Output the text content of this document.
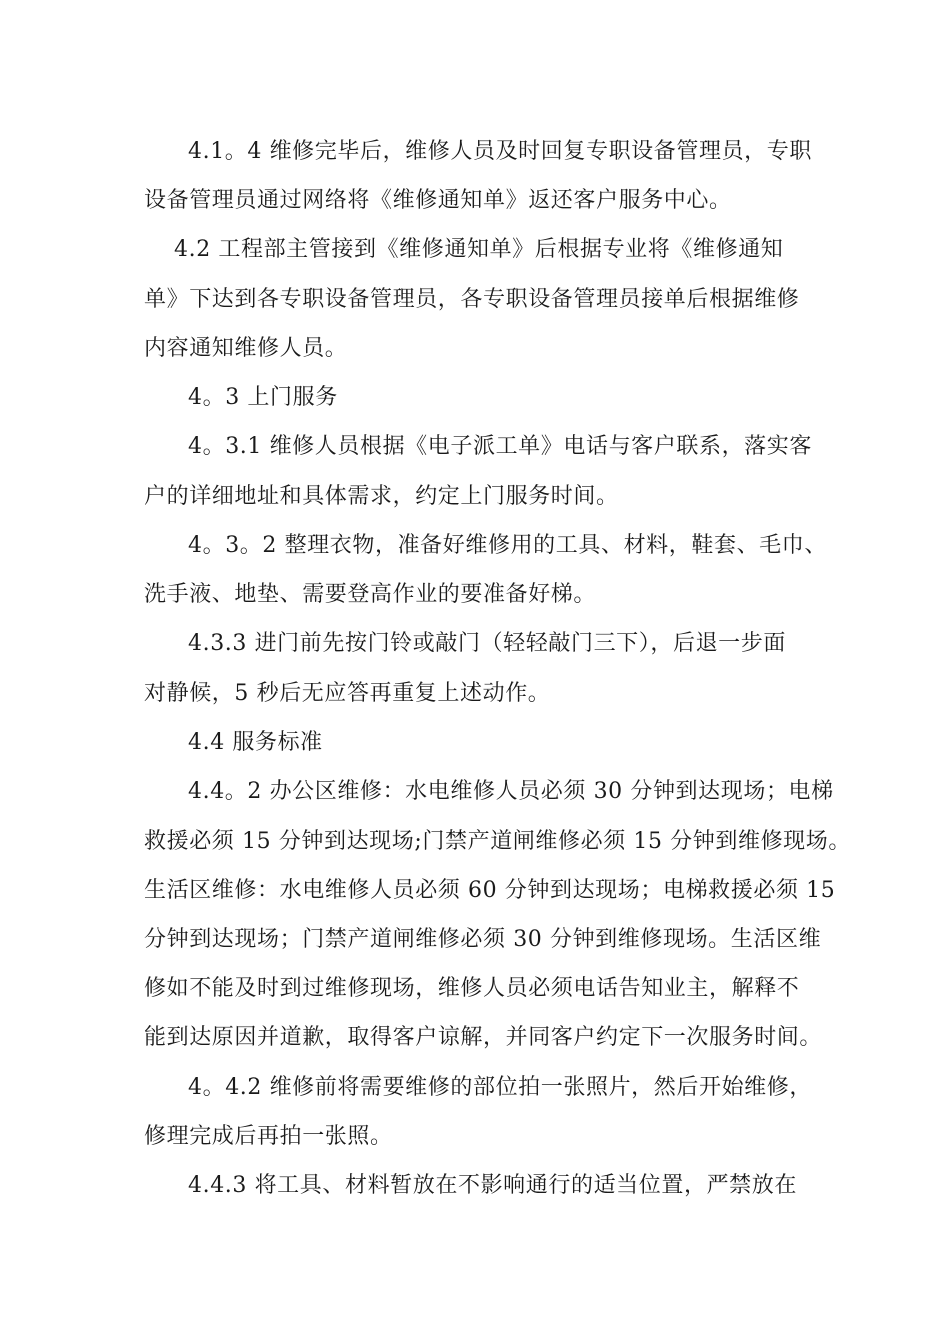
4.1。4 维修完毕后，维修人员及时回复专职设备管理员，专职
设备管理员通过网络将《维修通知单》返还客户服务中心。
4.2 工程部主管接到《维修通知单》后根据专业将《维修通知
单》下达到各专职设备管理员，各专职设备管理员接单后根据维修
内容通知维修人员。
4。3 上门服务
4。3.1 维修人员根据《电子派工单》电话与客户联系，落实客
户的详细地址和具体需求，约定上门服务时间。
4。3。2 整理衣物，准备好维修用的工具、材料，鞋套、毛巾、
洗手液、地垫、需要登高作业的要准备好梯。
4.3.3 进门前先按门铃或敲门（轻轻敲门三下），后退一步面
对静候，5 秒后无应答再重复上述动作。
4.4 服务标准
4.4。2 办公区维修：水电维修人员必须 30 分钟到达现场；电梯
救援必须 15 分钟到达现场;门禁产道闸维修必须 15 分钟到维修现场。
生活区维修：水电维修人员必须 60 分钟到达现场；电梯救援必须 15
分钟到达现场；门禁产道闸维修必须 30 分钟到维修现场。生活区维
修如不能及时到过维修现场，维修人员必须电话告知业主，解释不
能到达原因并道歉，取得客户谅解，并同客户约定下一次服务时间。
4。4.2 维修前将需要维修的部位拍一张照片，然后开始维修，
修理完成后再拍一张照。
4.4.3 将工具、材料暂放在不影响通行的适当位置，严禁放在
